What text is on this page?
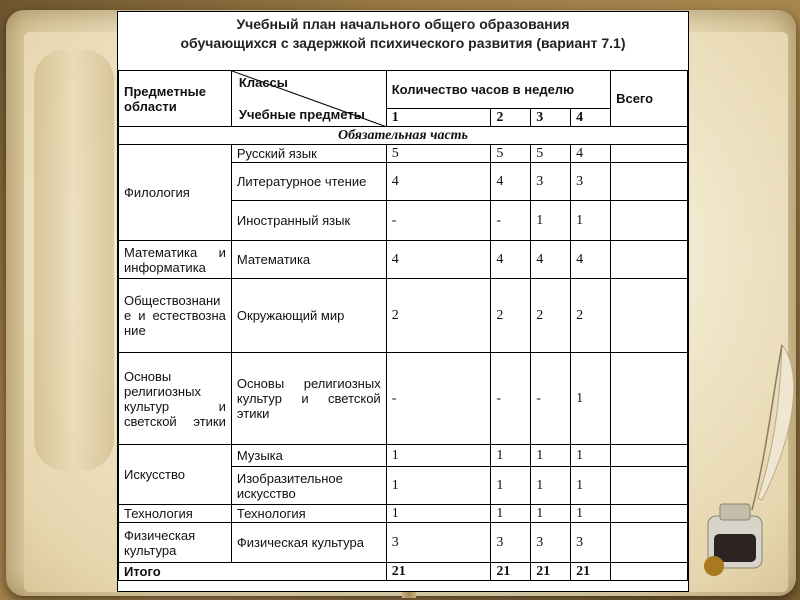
Учебный план начального общего образования
обучающихся с задержкой психического развития (вариант 7.1)
Предметные области	Классы
Учебные предметы	Количество часов в неделю				Всего
		1	2	3	4	
Обязательная часть						
Филология	Русский язык	5	5	5	4	
	Литературное чтение	4	4	3	3	
	Иностранный язык	-	-	1	1	
Математика и информатика	Математика	4	4	4	4	
Обществознание и естествознание	Окружающий мир	2	2	2	2	
Основы религиозных культур и светской этики	Основы религиозных культур и светской этики	-	-	-	1	
Искусство	Музыка	1	1	1	1	
	Изобразительное искусство	1	1	1	1	
Технология	Технология	1	1	1	1	
Физическая культура	Физическая культура	3	3	3	3	
Итого		21	21	21	21	
